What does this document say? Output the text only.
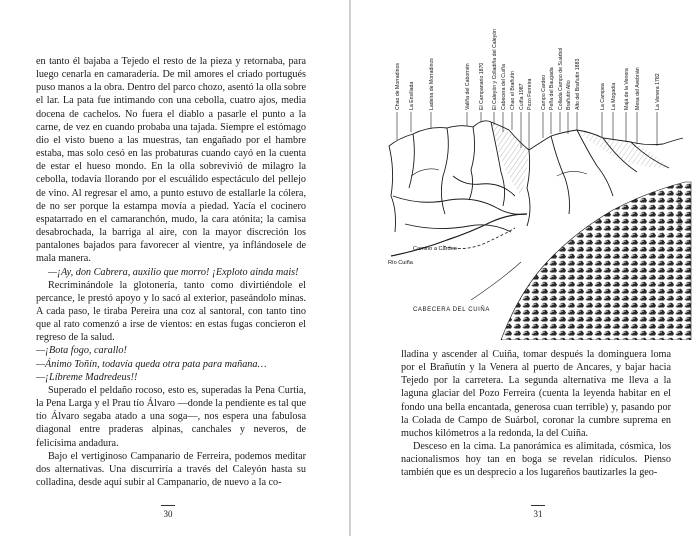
en tanto él bajaba a Tejedo el resto de la pieza y retornaba, para luego cenarla en camaradería. De mil amores el criado portugués puso manos a la obra. Dentro del parco chozo, asentó la olla sobre el lar. La pata fue intimando con una cebolla, cuatro ajos, media docena de cachelos. No fuera el diablo a pasarle el punto a la carne, de vez en cuando probaba una tajada. Siempre el estómago dio el visto bueno a las muestras, tan engañado por el hambre estaba, mas solo cesó en las probaturas cuando cayó en la cuenta de estar el hueso mondo. En la olla sobrevivió de milagro la cebolla, todavía llorando por el escuálido espectáculo del pellejo de vino. Al regresar el amo, a punto estuvo de estallarle la cólera, de no ser porque la estampa movía a piedad. Yacía el cocinero espatarrado en el camaranchón, mudo, la cara atónita; la camisa desabrochada, la barriga al aire, con la mayor discreción los pantalones bajados para favorecer al vientre, ya inflándosele de mala manera.

—¡Ay, don Cabrera, auxilio que morro! ¡Exploto ainda mais!

Recriminándole la glotonería, tanto como divirtiéndole el percance, le prestó apoyo y lo sacó al exterior, paseándolo minas. A cada paso, le tiraba Pereira una coz al santoral, con tanto tino que al rato comenzó a irse de vientos: en estas fugas concieron el regreso de la salud.

—¡Bota fogo, carallo!

—Ánimo Toñín, todavía queda otra pata para mañana…

—¡Líbreme Madredeus!!

Superado el peldaño rocoso, esto es, superadas la Pena Curtia, la Pena Larga y el Prau tío Álvaro —donde la pendiente es tal que tío Álvaro segaba atado a una soga—, nos espera una fabulosa diagonal entre praderas alpinas, canchales y neveros, de felicísima andadura.

Bajo el vertiginoso Campanario de Ferreira, podemos meditar dos alternativas. Una discurriría a través del Caleyón hasta su colladina, desde aquí subir al Campanario, de nuevo a la co-

30
Chao de Morradinos La Ensillada	Ladeira de Morradinos	Valiña del Cabornén El Campanario 1870 El Caleyón y Colladiña del Caleyón Cabecera del Cuiña Chao el Brañutín Cuiña 1987 Pozo Ferreira Campo Cardeo Peña del Baugada Collada Campo de Suárbol Brañutín Alto Alto del Brañutín 1883	La Campea La Mogadia Majá de la Venera Mesa del Avebrián	La Venera 1782
Camino a Cardeo
Río Cuiña
CABECERA DEL CUIÑA
Alejandro Martínez
31

lladina y ascender al Cuiña, tomar después la dominguera loma por el Brañutín y la Venera al puerto de Ancares, y bajar hacia Tejedo por la carretera. La segunda alternativa me lleva a la laguna glaciar del Pozo Ferreira (cuenta la leyenda habitar en el fondo una bella encantada, generosa cuan terrible) y, pasando por la Colada de Campo de Suárbol, coronar la cumbre suprema en muchos kilómetros a la redonda, la del Cuiña.

Desceso en la cima. La panorámica es alimitada, cósmica, los nacionalismos hoy tan en boga se revelan ridículos. Pienso también que es un desprecio a los lugareños bautizarles la geo-
